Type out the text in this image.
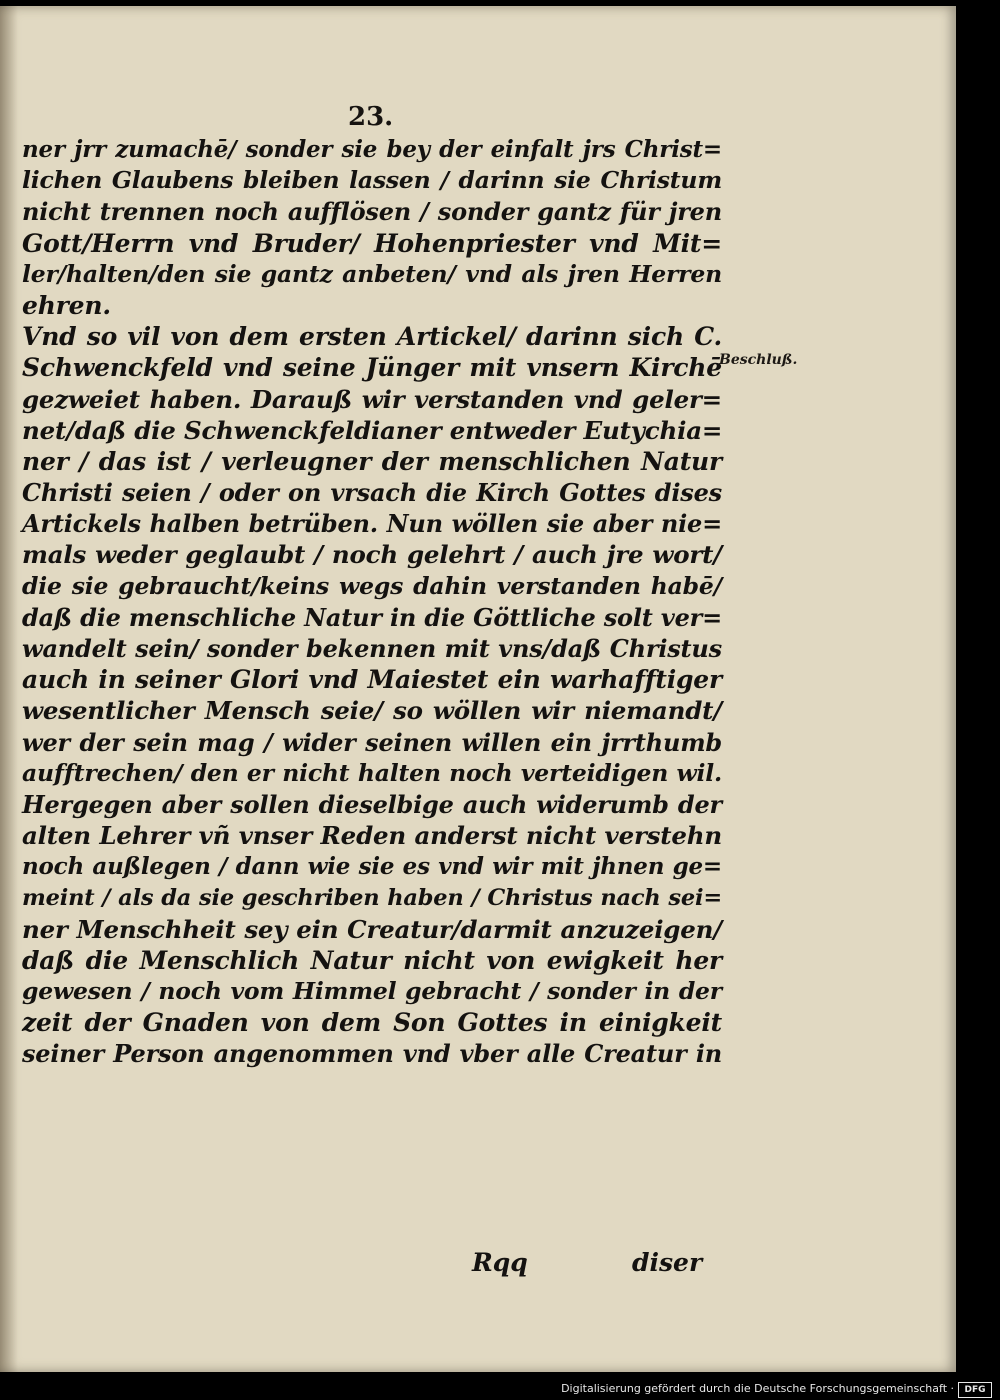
23.
ner jrr zumachē/ sonder sie bey der einfalt jrs Christ=
lichen Glaubens bleiben lassen / darinn sie Christum
nicht trennen noch aufflösen / sonder gantz für jren
Gott/Herrn vnd Bruder/ Hohenpriester vnd Mit=
ler/halten/den sie gantz anbeten/ vnd als jren Herren
ehren.
Vnd so vil von dem ersten Artickel/ darinn sich C.
Schwenckfeld vnd seine Jünger mit vnsern Kirchē
gezweiet haben. Darauß wir verstanden vnd geler=
net/daß die Schwenckfeldianer entweder Eutychia=
ner / das ist / verleugner der menschlichen Natur
Christi seien / oder on vrsach die Kirch Gottes dises
Artickels halben betrüben. Nun wöllen sie aber nie=
mals weder geglaubt / noch gelehrt / auch jre wort/
die sie gebraucht/keins wegs dahin verstanden habē/
daß die menschliche Natur in die Göttliche solt ver=
wandelt sein/ sonder bekennen mit vns/daß Christus
auch in seiner Glori vnd Maiestet ein warhafftiger
wesentlicher Mensch seie/ so wöllen wir niemandt/
wer der sein mag / wider seinen willen ein jrrthumb
aufftrechen/ den er nicht halten noch verteidigen wil.
Hergegen aber sollen dieselbige auch widerumb der
alten Lehrer vñ vnser Reden anderst nicht verstehn
noch außlegen / dann wie sie es vnd wir mit jhnen ge=
meint / als da sie geschriben haben / Christus nach sei=
ner Menschheit sey ein Creatur/darmit anzuzeigen/
daß die Menschlich Natur nicht von ewigkeit her
gewesen / noch vom Himmel gebracht / sonder in der
zeit der Gnaden von dem Son Gottes in einigkeit
seiner Person angenommen vnd vber alle Creatur in
Rqq	diser
Beschluß.
Digitalisierung gefördert durch die Deutsche Forschungsgemeinschaft ·	DFG
